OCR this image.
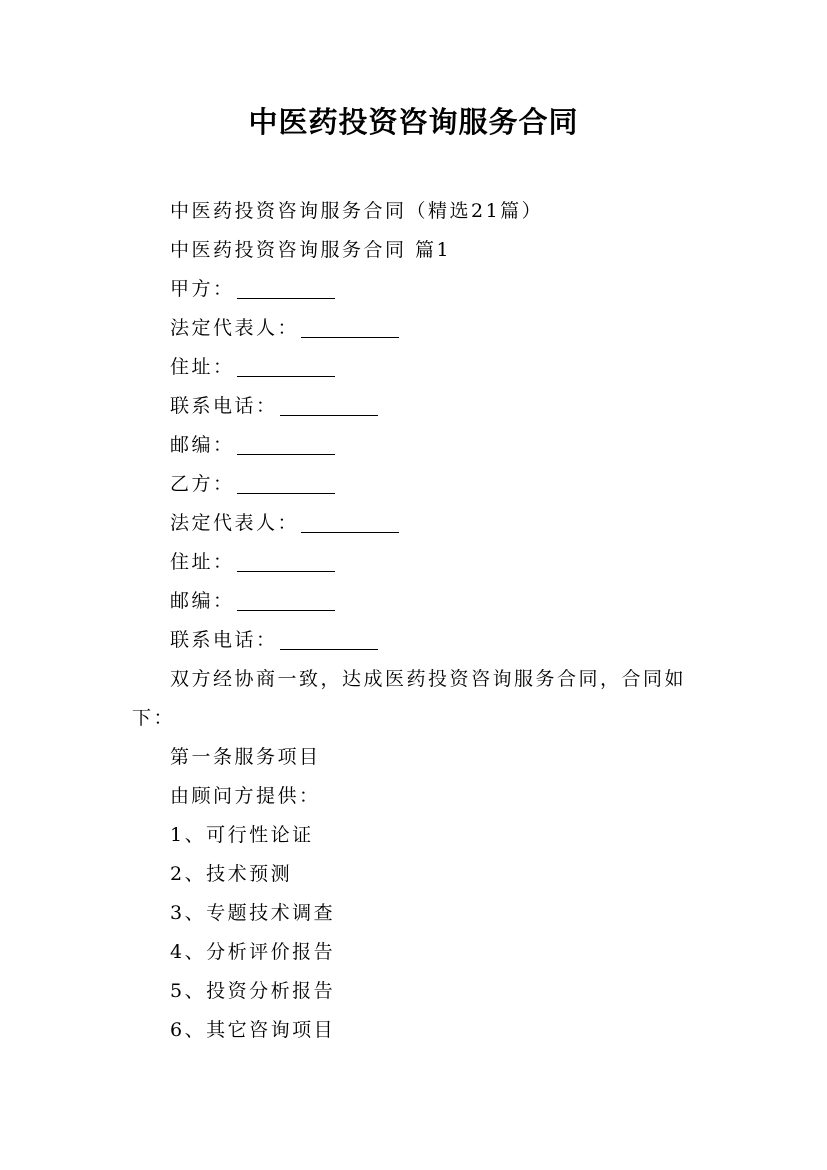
中医药投资咨询服务合同
中医药投资咨询服务合同（精选21篇）
中医药投资咨询服务合同 篇1
甲方：
法定代表人：
住址：
联系电话：
邮编：
乙方：
法定代表人：
住址：
邮编：
联系电话：
双方经协商一致，达成医药投资咨询服务合同，合同如下：
第一条服务项目
由顾问方提供：
1、可行性论证
2、技术预测
3、专题技术调查
4、分析评价报告
5、投资分析报告
6、其它咨询项目
